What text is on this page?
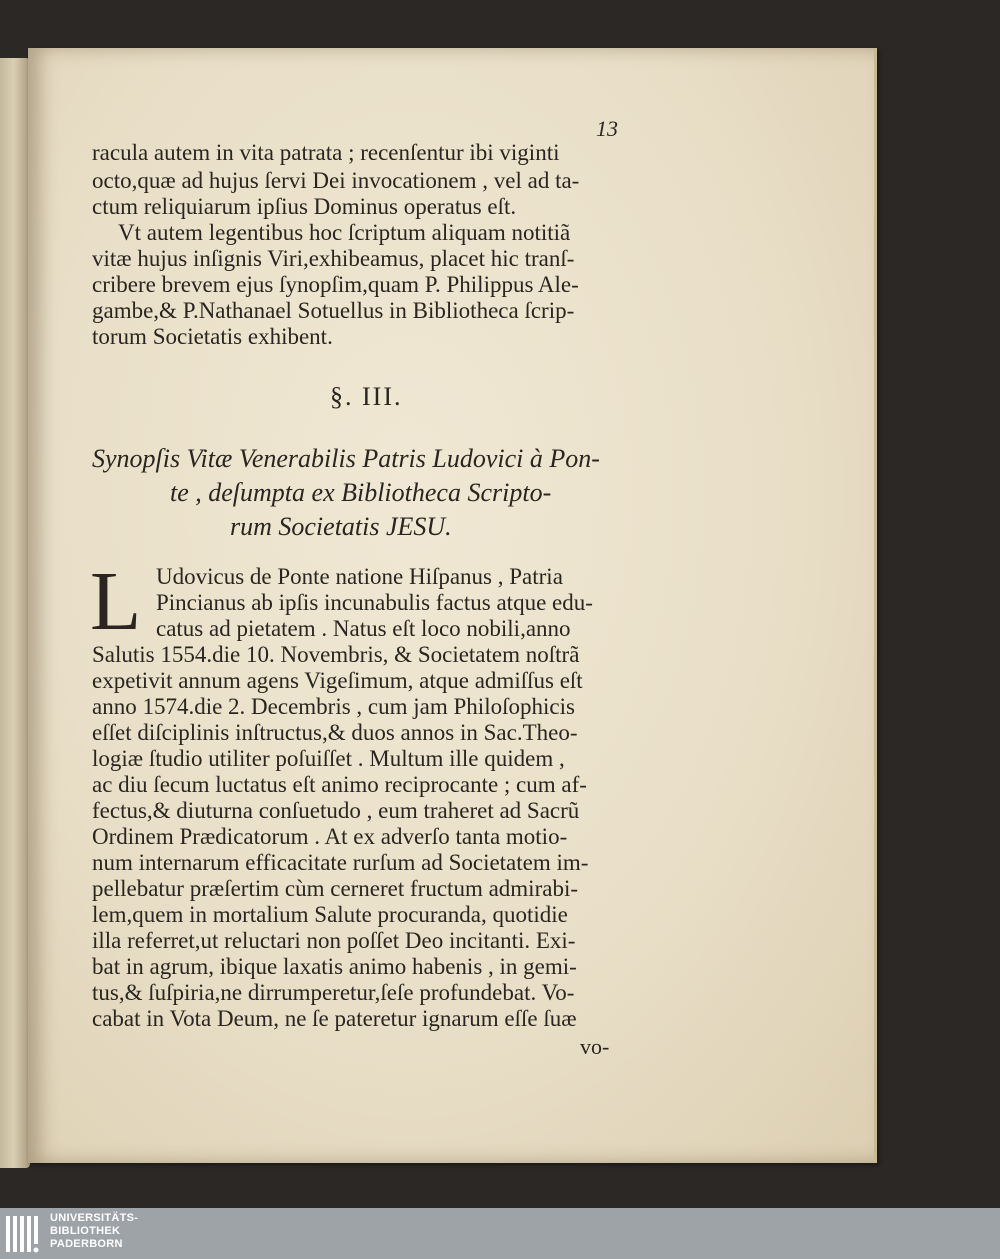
13
racula autem in vita patrata ; recenſentur ibi viginti
octo,quæ ad hujus ſervi Dei invocationem , vel ad ta-
ctum reliquiarum ipſius Dominus operatus eſt.
Vt autem legentibus hoc ſcriptum aliquam notitiã
vitæ hujus inſignis Viri,exhibeamus, placet hic tranſ-
cribere brevem ejus ſynopſim,quam P. Philippus Ale-
gambe,& P.Nathanael Sotuellus in Bibliotheca ſcrip-
torum Societatis exhibent.
§. III.
Synopſis Vitæ Venerabilis Patris Ludovici à Pon-
te , deſumpta ex Bibliotheca Scripto-
rum Societatis JESU.
L Udovicus de Ponte natione Hiſpanus , Patria
Pincianus ab ipſis incunabulis factus atque edu-
catus ad pietatem . Natus eſt loco nobili,anno
Salutis 1554.die 10. Novembris, & Societatem noſtrã
expetivit annum agens Vigeſimum, atque admiſſus eſt
anno 1574.die 2. Decembris , cum jam Philoſophicis
eſſet diſciplinis inſtructus,& duos annos in Sac.Theo-
logiæ ſtudio utiliter poſuiſſet . Multum ille quidem ,
ac diu ſecum luctatus eſt animo reciprocante ; cum af-
fectus,& diuturna conſuetudo , eum traheret ad Sacrũ
Ordinem Prædicatorum . At ex adverſo tanta motio-
num internarum efficacitate rurſum ad Societatem im-
pellebatur præſertim cùm cerneret fructum admirabi-
lem,quem in mortalium Salute procuranda, quotidie
illa referret,ut reluctari non poſſet Deo incitanti. Exi-
bat in agrum, ibique laxatis animo habenis , in gemi-
tus,& ſuſpiria,ne dirrumperetur,ſeſe profundebat. Vo-
cabat in Vota Deum, ne ſe pateretur ignarum eſſe ſuæ
vo-
UNIVERSITÄTS-
BIBLIOTHEK
PADERBORN
